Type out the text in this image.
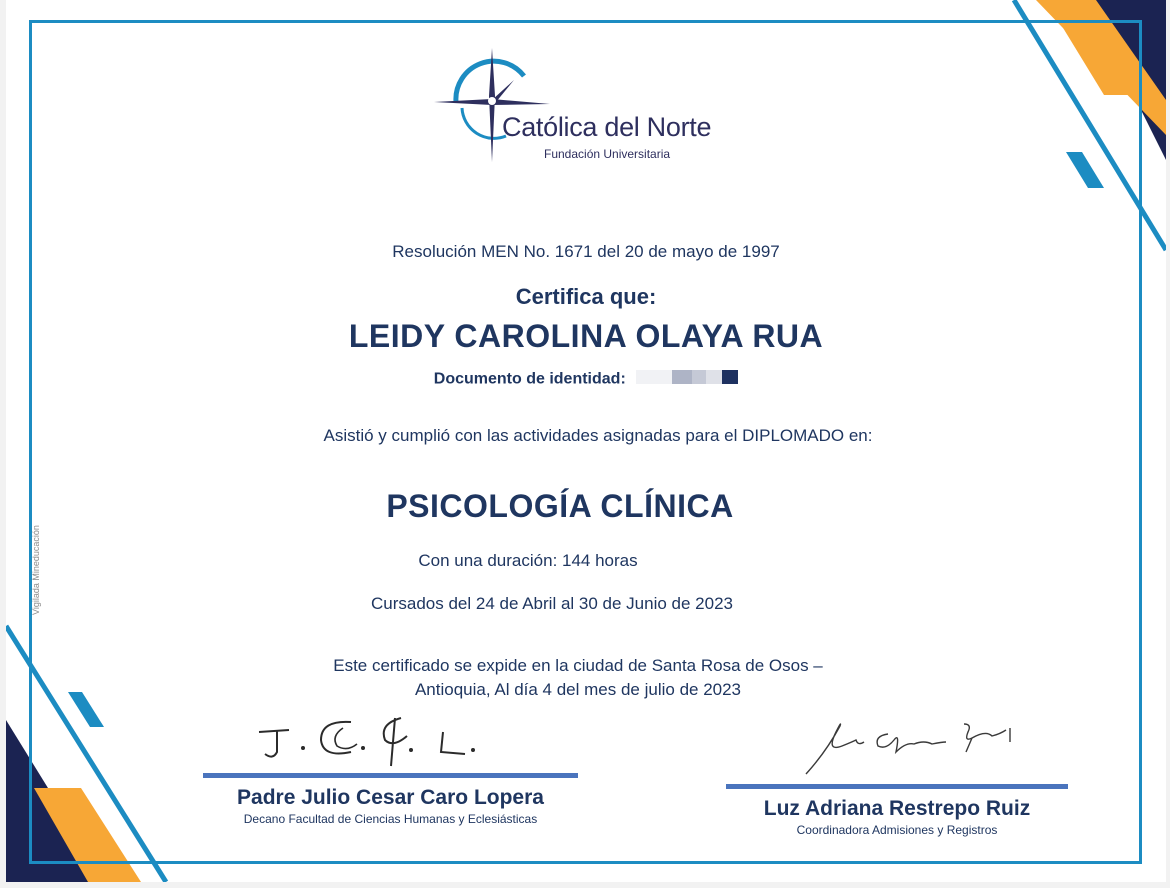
Vigilada Mineducación
Católica del Norte
Fundación Universitaria
Resolución MEN No. 1671 del 20 de mayo de 1997
Certifica que:
LEIDY CAROLINA OLAYA RUA
Documento de identidad:
Asistió y cumplió con las actividades asignadas para el DIPLOMADO en:
PSICOLOGÍA CLÍNICA
Con una duración: 144 horas
Cursados del 24 de Abril al 30 de Junio de 2023
Este certificado se expide en la ciudad de Santa Rosa de Osos –
Antioquia, Al día 4 del mes de julio de 2023
Padre Julio Cesar Caro Lopera
Decano Facultad de Ciencias Humanas y Eclesiásticas	Luz Adriana Restrepo Ruiz
Coordinadora Admisiones y Registros
